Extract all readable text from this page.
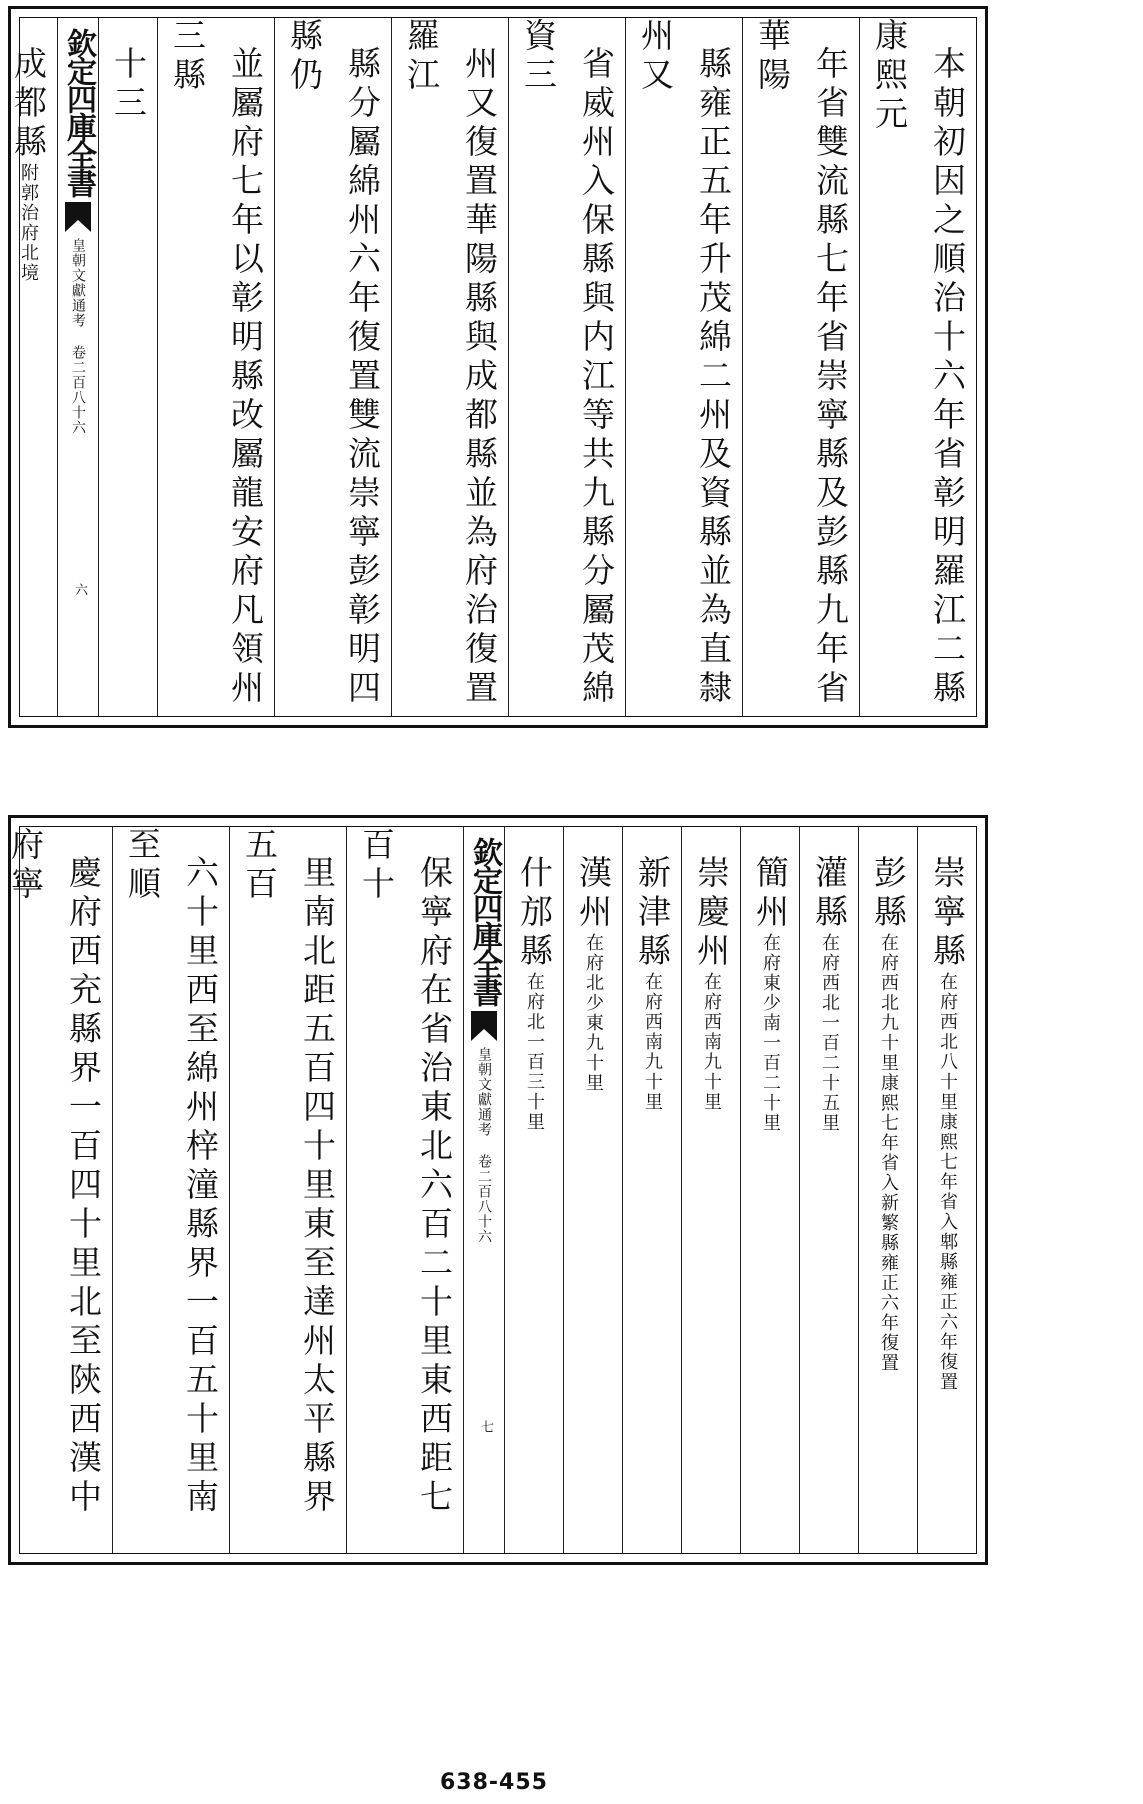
本朝初因之順治十六年省彰明羅江二縣康熙元
年省雙流縣七年省崇寧縣及彭縣九年省華陽
縣雍正五年升茂綿二州及資縣並為直隸州又
省威州入保縣與内江等共九縣分屬茂綿資三
州又復置華陽縣與成都縣並為府治復置羅江
縣分屬綿州六年復置雙流崇寧彭彰明四縣仍
並屬府七年以彰明縣改屬龍安府凡領州三縣
十三
欽定四庫全書
皇朝文獻通考 卷二百八十六
六
成都縣附郭治府北境
崇寧縣在府西北八十里康熙七年省入郫縣雍正六年復置
彭縣在府西北九十里康熙七年省入新繁縣雍正六年復置
灌縣在府西北一百二十五里
簡州在府東少南一百二十里
崇慶州在府西南九十里
新津縣在府西南九十里
漢州在府北少東九十里
什邡縣在府北一百三十里
欽定四庫全書
皇朝文獻通考 卷二百八十六
七
保寧府在省治東北六百二十里東西距七百十
里南北距五百四十里東至達州太平縣界五百
六十里西至綿州梓潼縣界一百五十里南至順
慶府西充縣界一百四十里北至陝西漢中府寧
638-455
